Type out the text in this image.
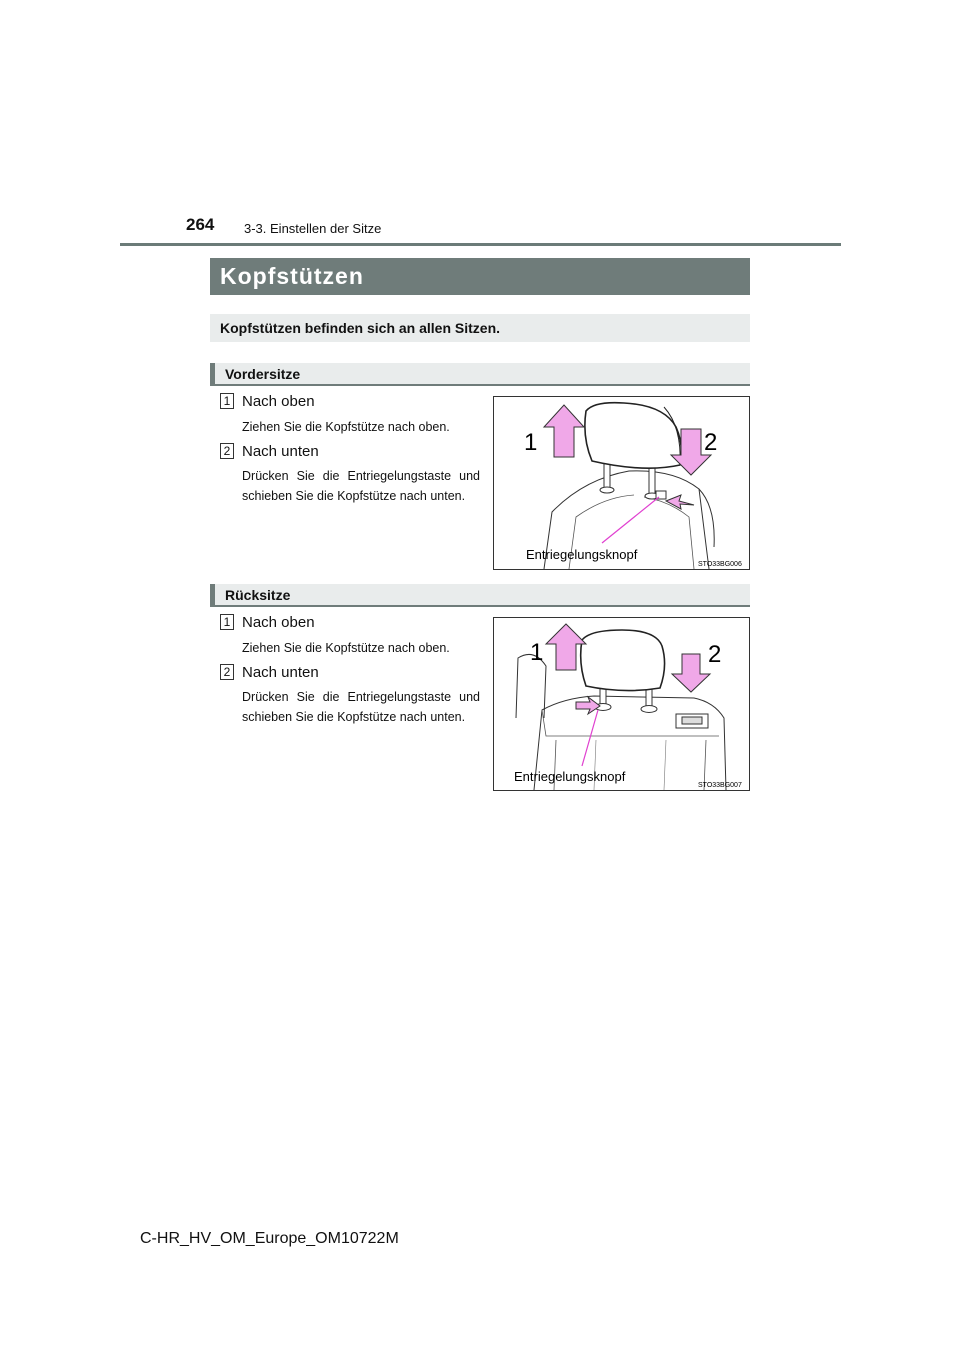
264 3-3. Einstellen der Sitze
Kopfstützen
Kopfstützen befinden sich an allen Sitzen.
Vordersitze
1 Nach oben
Ziehen Sie die Kopfstütze nach oben.
2 Nach unten
Drücken Sie die Entriegelungstaste und schieben Sie die Kopfstütze nach unten.
1	2
Entriegelungsknopf
STO33BG006
Rücksitze
1 Nach oben
Ziehen Sie die Kopfstütze nach oben.
2 Nach unten
Drücken Sie die Entriegelungstaste und schieben Sie die Kopfstütze nach unten.
1	2
Entriegelungsknopf
STO33BG007
C-HR_HV_OM_Europe_OM10722M
